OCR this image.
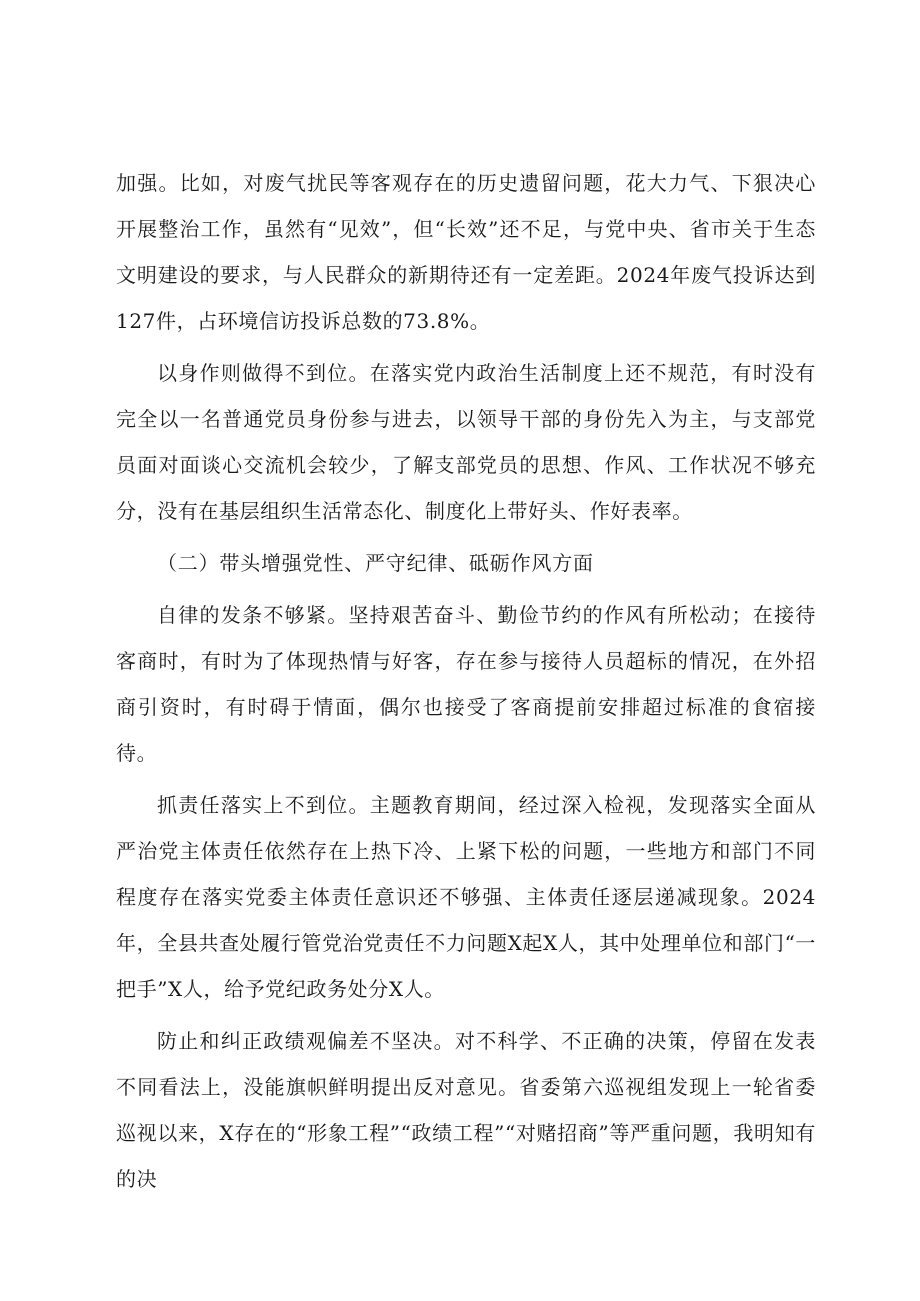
加强。比如，对废气扰民等客观存在的历史遗留问题，花大力气、下狠决心开展整治工作，虽然有“见效”，但“长效”还不足，与党中央、省市关于生态文明建设的要求，与人民群众的新期待还有一定差距。2024年废气投诉达到127件，占环境信访投诉总数的73.8%。

以身作则做得不到位。在落实党内政治生活制度上还不规范，有时没有完全以一名普通党员身份参与进去，以领导干部的身份先入为主，与支部党员面对面谈心交流机会较少，了解支部党员的思想、作风、工作状况不够充分，没有在基层组织生活常态化、制度化上带好头、作好表率。

（二）带头增强党性、严守纪律、砥砺作风方面

自律的发条不够紧。坚持艰苦奋斗、勤俭节约的作风有所松动；在接待客商时，有时为了体现热情与好客，存在参与接待人员超标的情况，在外招商引资时，有时碍于情面，偶尔也接受了客商提前安排超过标准的食宿接待。

抓责任落实上不到位。主题教育期间，经过深入检视，发现落实全面从严治党主体责任依然存在上热下冷、上紧下松的问题，一些地方和部门不同程度存在落实党委主体责任意识还不够强、主体责任逐层递减现象。2024年，全县共查处履行管党治党责任不力问题X起X人，其中处理单位和部门“一把手”X人，给予党纪政务处分X人。

防止和纠正政绩观偏差不坚决。对不科学、不正确的决策，停留在发表不同看法上，没能旗帜鲜明提出反对意见。省委第六巡视组发现上一轮省委巡视以来，X存在的“形象工程”“政绩工程”“对赌招商”等严重问题，我明知有的决
